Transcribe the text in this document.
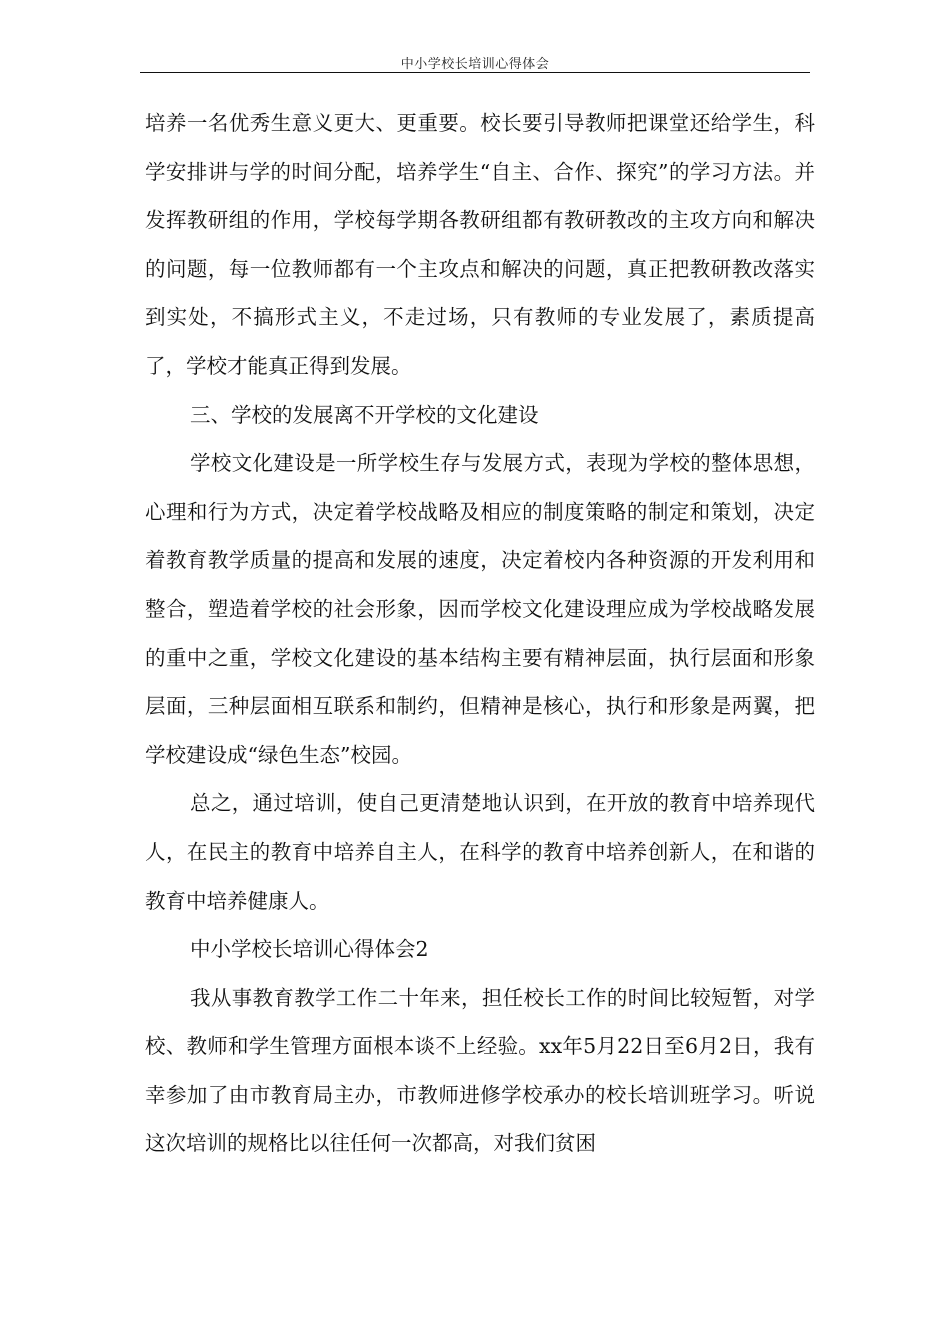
中小学校长培训心得体会

培养一名优秀生意义更大、更重要。校长要引导教师把课堂还给学生，科学安排讲与学的时间分配，培养学生“自主、合作、探究”的学习方法。并发挥教研组的作用，学校每学期各教研组都有教研教改的主攻方向和解决的问题，每一位教师都有一个主攻点和解决的问题，真正把教研教改落实到实处，不搞形式主义，不走过场，只有教师的专业发展了，素质提高了，学校才能真正得到发展。

三、学校的发展离不开学校的文化建设

学校文化建设是一所学校生存与发展方式，表现为学校的整体思想，心理和行为方式，决定着学校战略及相应的制度策略的制定和策划，决定着教育教学质量的提高和发展的速度，决定着校内各种资源的开发利用和整合，塑造着学校的社会形象，因而学校文化建设理应成为学校战略发展的重中之重，学校文化建设的基本结构主要有精神层面，执行层面和形象层面，三种层面相互联系和制约，但精神是核心，执行和形象是两翼，把学校建设成“绿色生态”校园。

总之，通过培训，使自己更清楚地认识到，在开放的教育中培养现代人，在民主的教育中培养自主人，在科学的教育中培养创新人，在和谐的教育中培养健康人。

中小学校长培训心得体会2

我从事教育教学工作二十年来，担任校长工作的时间比较短暂，对学校、教师和学生管理方面根本谈不上经验。xx年5月22日至6月2日，我有幸参加了由市教育局主办，市教师进修学校承办的校长培训班学习。听说这次培训的规格比以往任何一次都高，对我们贫困
